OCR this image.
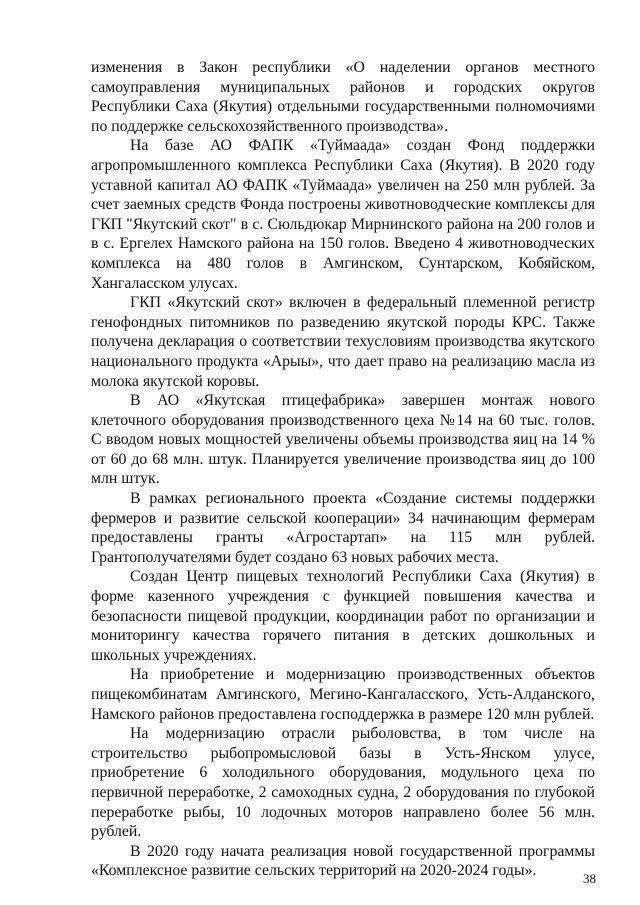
изменения в Закон республики «О наделении органов местного самоуправления муниципальных районов и городских округов Республики Саха (Якутия) отдельными государственными полномочиями по поддержке сельскохозяйственного производства».

На базе АО ФАПК «Туймаада» создан Фонд поддержки агропромышленного комплекса Республики Саха (Якутия). В 2020 году уставной капитал АО ФАПК «Туймаада» увеличен на 250 млн рублей. За счет заемных средств Фонда построены животноводческие комплексы для ГКП "Якутский скот" в с. Сюльдюкар Мирнинского района на 200 голов и в с. Ергелех Намского района на 150 голов. Введено 4 животноводческих комплекса на 480 голов в Амгинском, Сунтарском, Кобяйском, Хангаласском улусах.

ГКП «Якутский скот» включен в федеральный племенной регистр генофондных питомников по разведению якутской породы КРС. Также получена декларация о соответствии техусловиям производства якутского национального продукта «Арыы», что дает право на реализацию масла из молока якутской коровы.

В АО «Якутская птицефабрика» завершен монтаж нового клеточного оборудования производственного цеха №14 на 60 тыс. голов. С вводом новых мощностей увеличены объемы производства яиц на 14 % от 60 до 68 млн. штук. Планируется увеличение производства яиц до 100 млн штук.

В рамках регионального проекта «Создание системы поддержки фермеров и развитие сельской кооперации» 34 начинающим фермерам предоставлены гранты «Агростартап» на 115 млн рублей. Грантополучателями будет создано 63 новых рабочих места.

Создан Центр пищевых технологий Республики Саха (Якутия) в форме казенного учреждения с функцией повышения качества и безопасности пищевой продукции, координации работ по организации и мониторингу качества горячего питания в детских дошкольных и школьных учреждениях.

На приобретение и модернизацию производственных объектов пищекомбинатам Амгинского, Мегино-Кангаласского, Усть-Алданского, Намского районов предоставлена господдержка в размере 120 млн рублей.

На модернизацию отрасли рыболовства, в том числе на строительство рыбопромысловой базы в Усть-Янском улусе, приобретение 6 холодильного оборудования, модульного цеха по первичной переработке, 2 самоходных судна, 2 оборудования по глубокой переработке рыбы, 10 лодочных моторов направлено более 56 млн. рублей.

В 2020 году начата реализация новой государственной программы «Комплексное развитие сельских территорий на 2020-2024 годы».	38
